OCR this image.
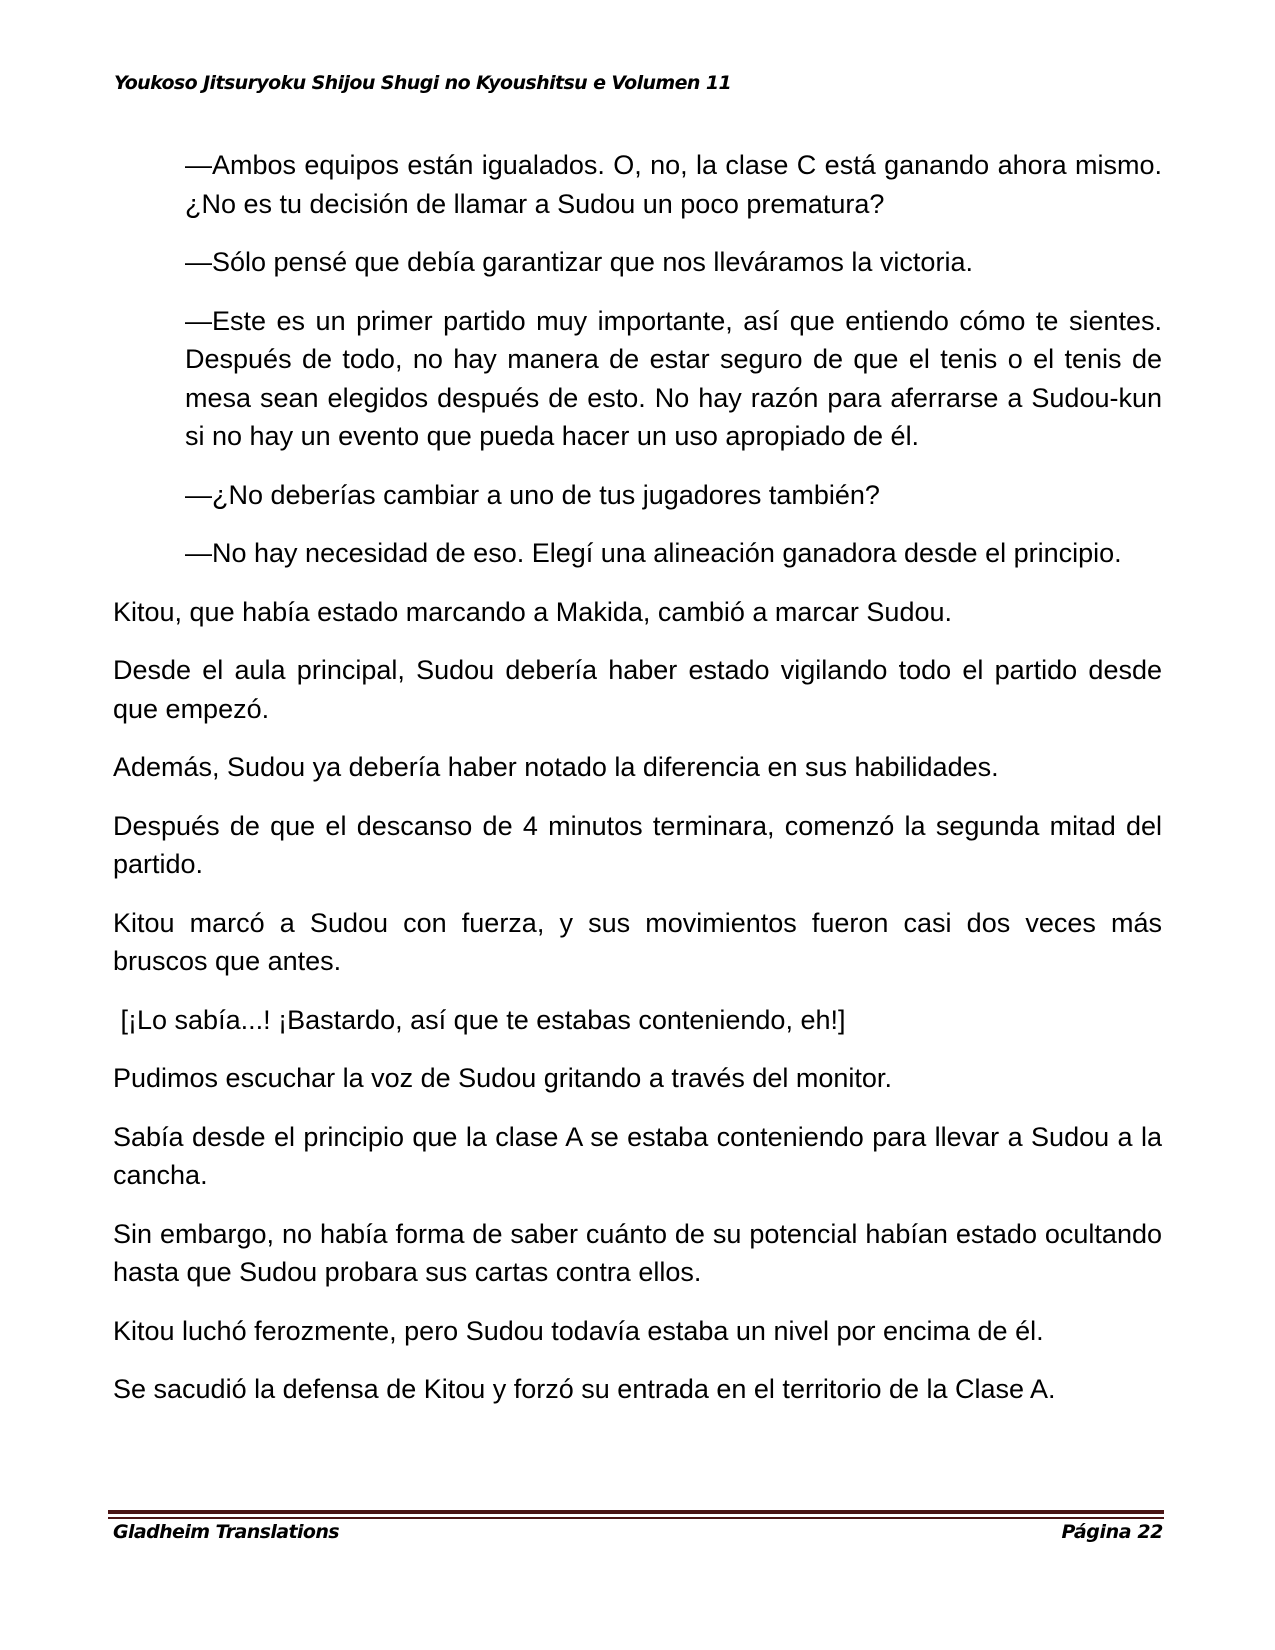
Youkoso Jitsuryoku Shijou Shugi no Kyoushitsu e Volumen 11

—Ambos equipos están igualados. O, no, la clase C está ganando ahora mismo. ¿No es tu decisión de llamar a Sudou un poco prematura?

—Sólo pensé que debía garantizar que nos lleváramos la victoria.

—Este es un primer partido muy importante, así que entiendo cómo te sientes. Después de todo, no hay manera de estar seguro de que el tenis o el tenis de mesa sean elegidos después de esto. No hay razón para aferrarse a Sudou-kun si no hay un evento que pueda hacer un uso apropiado de él.

—¿No deberías cambiar a uno de tus jugadores también?

—No hay necesidad de eso. Elegí una alineación ganadora desde el principio.

Kitou, que había estado marcando a Makida, cambió a marcar Sudou.

Desde el aula principal, Sudou debería haber estado vigilando todo el partido desde que empezó.

Además, Sudou ya debería haber notado la diferencia en sus habilidades.

Después de que el descanso de 4 minutos terminara, comenzó la segunda mitad del partido.

Kitou marcó a Sudou con fuerza, y sus movimientos fueron casi dos veces más bruscos que antes.

[¡Lo sabía...! ¡Bastardo, así que te estabas conteniendo, eh!]

Pudimos escuchar la voz de Sudou gritando a través del monitor.

Sabía desde el principio que la clase A se estaba conteniendo para llevar a Sudou a la cancha.

Sin embargo, no había forma de saber cuánto de su potencial habían estado ocultando hasta que Sudou probara sus cartas contra ellos.

Kitou luchó ferozmente, pero Sudou todavía estaba un nivel por encima de él.

Se sacudió la defensa de Kitou y forzó su entrada en el territorio de la Clase A.

Gladheim Translations	Página 22
